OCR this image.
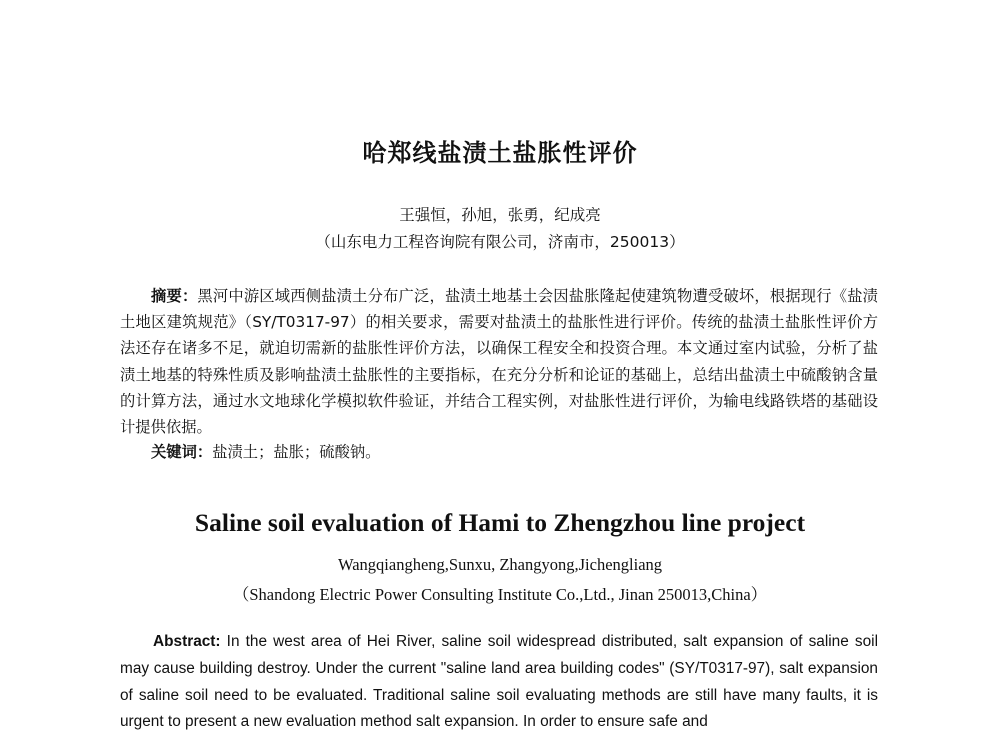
哈郑线盐渍土盐胀性评价
王强恒，孙旭，张勇，纪成亮
（山东电力工程咨询院有限公司，济南市，250013）
摘要：黑河中游区域西侧盐渍土分布广泛，盐渍土地基土会因盐胀隆起使建筑物遭受破坏，根据现行《盐渍土地区建筑规范》（SY/T0317-97）的相关要求，需要对盐渍土的盐胀性进行评价。传统的盐渍土盐胀性评价方法还存在诸多不足，就迫切需新的盐胀性评价方法，以确保工程安全和投资合理。本文通过室内试验，分析了盐渍土地基的特殊性质及影响盐渍土盐胀性的主要指标，在充分分析和论证的基础上，总结出盐渍土中硫酸钠含量的计算方法，通过水文地球化学模拟软件验证，并结合工程实例，对盐胀性进行评价，为输电线路铁塔的基础设计提供依据。
关键词：盐渍土；盐胀；硫酸钠。
Saline soil evaluation of Hami to Zhengzhou line project
Wangqiangheng,Sunxu, Zhangyong,Jichengliang
（Shandong Electric Power Consulting Institute Co.,Ltd., Jinan 250013,China）
Abstract: In the west area of Hei River, saline soil widespread distributed, salt expansion of saline soil may cause building destroy. Under the current "saline land area building codes" (SY/T0317-97), salt expansion of saline soil need to be evaluated. Traditional saline soil evaluating methods are still have many faults, it is urgent to present a new evaluation method salt expansion. In order to ensure safe and
